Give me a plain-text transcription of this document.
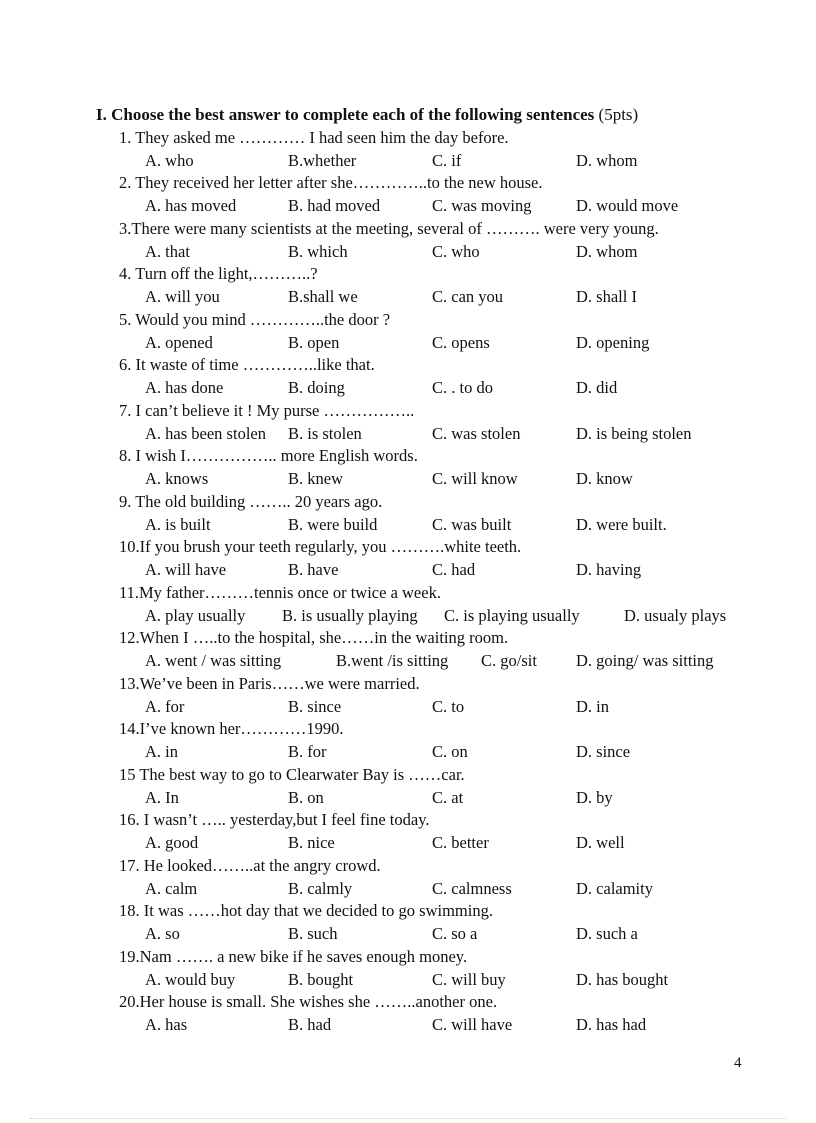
I. Choose the best answer to complete each of the following sentences (5pts)
1. They asked me ………… I had seen him the day before.
A. who	B.whether	C. if	D. whom
2. They received her letter after she…………..to the new house.
A. has moved	B. had moved	C. was moving	D. would move
3.There were many scientists at the meeting, several of ………. were very young.
A. that	B. which	C. who	D. whom
4. Turn off the light,………..?
A. will you	B.shall we	C. can you	D. shall I
5. Would you mind …………..the door ?
A. opened	B. open	C. opens	D. opening
6. It waste of time …………..like that.
A. has done	B. doing	C. . to do	D. did
7. I can’t believe it ! My purse ……………..
A. has been stolen B. is stolen	C. was stolen	D. is being stolen
8. I wish I…………….. more English words.
A. knows	B. knew	C. will know	D. know
9. The old building …….. 20 years ago.
A. is built	B. were build	C. was built	D. were built.
10.If you brush your teeth regularly, you ……….white teeth.
A. will have	B. have	C. had	D. having
11.My father………tennis once or twice a week.
A. play usually B. is usually playing C. is playing usually	D. usualy plays
12.When I …..to the hospital, she……in the waiting room.
A. went / was sitting	B.went /is sitting C. go/sit D. going/ was sitting
13.We’ve been in Paris……we were married.
A. for	B. since	C. to	D. in
14.I’ve known her…………1990.
A. in	B. for	C. on	D. since
15 The best way to go to Clearwater Bay is ……car.
A. In	B. on	C. at	D. by
16. I wasn’t ….. yesterday,but I feel fine today.
A. good	B. nice	C. better	D. well
17. He looked……..at the angry crowd.
A. calm	B. calmly	C. calmness	D. calamity
18. It was ……hot day that we decided to go swimming.
A. so	B. such	C. so a	D. such a
19.Nam ……. a new bike if he saves enough money.
A. would buy	B. bought	C. will buy	D. has bought
20.Her house is small. She wishes she ……..another one.
A. has	B. had	C. will have	D. has had
4
